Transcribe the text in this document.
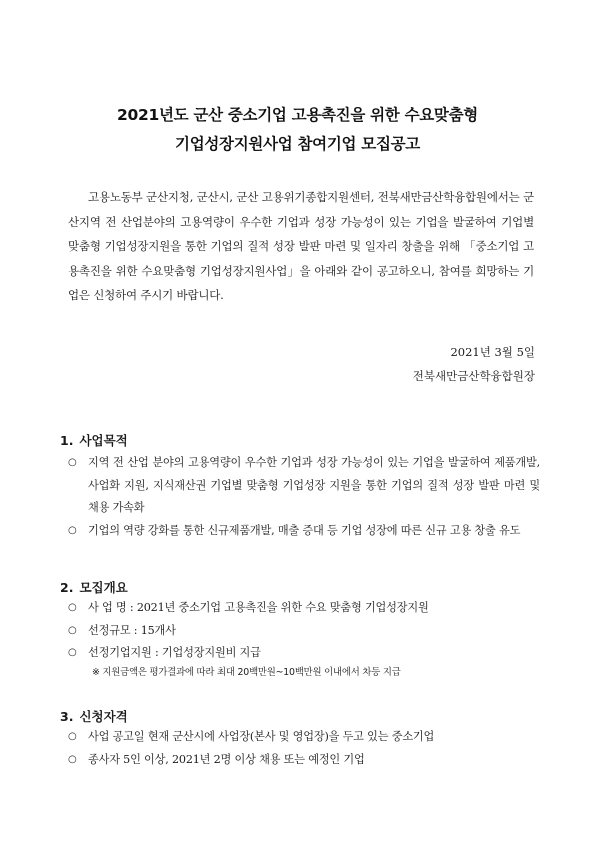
2021년도 군산 중소기업 고용촉진을 위한 수요맞춤형
기업성장지원사업 참여기업 모집공고

고용노동부 군산지청, 군산시, 군산 고용위기종합지원센터, 전북새만금산학융합원에서는 군산지역 전 산업분야의 고용역량이 우수한 기업과 성장 가능성이 있는 기업을 발굴하여 기업별 맞춤형 기업성장지원을 통한 기업의 질적 성장 발판 마련 및 일자리 창출을 위해 「중소기업 고용촉진을 위한 수요맞춤형 기업성장지원사업」을 아래와 같이 공고하오니, 참여를 희망하는 기업은 신청하여 주시기 바랍니다.

2021년 3월 5일
전북새만금산학융합원장
1. 사업목적
○ 지역 전 산업 분야의 고용역량이 우수한 기업과 성장 가능성이 있는 기업을 발굴하여 제품개발, 사업화 지원, 지식재산권 기업별 맞춤형 기업성장 지원을 통한 기업의 질적 성장 발판 마련 및 채용 가속화
○ 기업의 역량 강화를 통한 신규제품개발, 매출 증대 등 기업 성장에 따른 신규 고용 창출 유도
2. 모집개요
○ 사 업 명 : 2021년 중소기업 고용촉진을 위한 수요 맞춤형 기업성장지원
○ 선정규모 : 15개사
○ 선정기업지원 : 기업성장지원비 지급
※ 지원금액은 평가결과에 따라 최대 20백만원~10백만원 이내에서 차등 지급
3. 신청자격
○ 사업 공고일 현재 군산시에 사업장(본사 및 영업장)을 두고 있는 중소기업
○ 종사자 5인 이상, 2021년 2명 이상 채용 또는 예정인 기업
